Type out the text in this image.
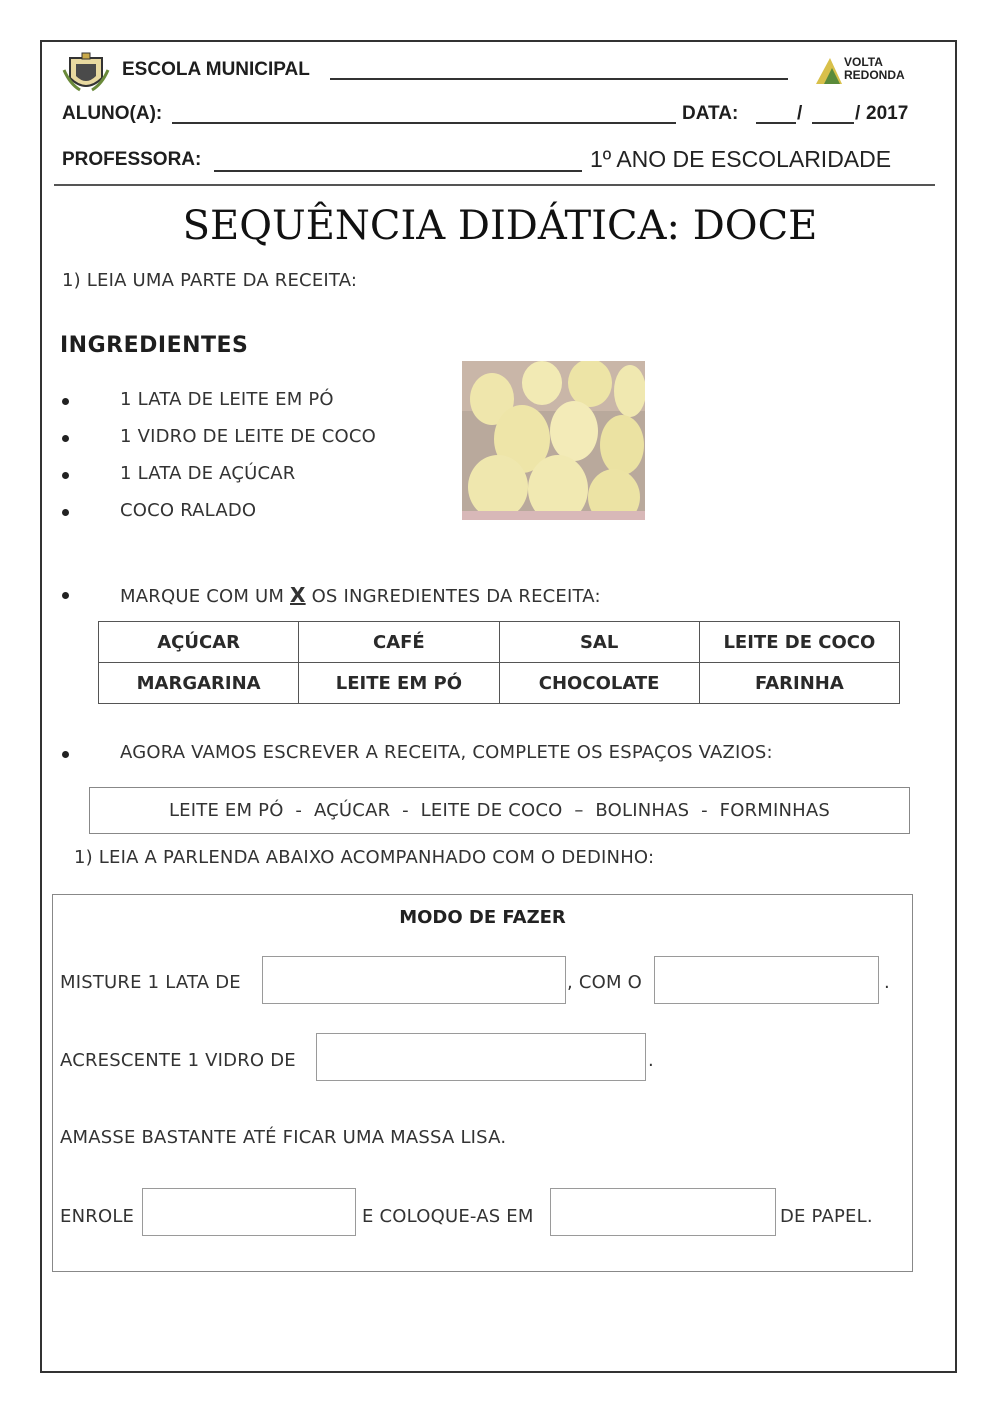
ESCOLA MUNICIPAL	VOLTA
REDONDA
ALUNO(A):	DATA:	/	/ 2017
PROFESSORA:	1º ANO DE ESCOLARIDADE
SEQUÊNCIA DIDÁTICA: DOCE
1) LEIA UMA PARTE DA RECEITA:
INGREDIENTES
1 LATA DE LEITE EM PÓ
1 VIDRO DE LEITE DE COCO
1 LATA DE AÇÚCAR
COCO RALADO
MARQUE COM UM X OS INGREDIENTES DA RECEITA:
AÇÚCAR	CAFÉ	SAL	LEITE DE COCO
MARGARINA	LEITE EM PÓ	CHOCOLATE	FARINHA
AGORA VAMOS ESCREVER A RECEITA, COMPLETE OS ESPAÇOS VAZIOS:
LEITE EM PÓ  -  AÇÚCAR  -  LEITE DE COCO  –  BOLINHAS  -  FORMINHAS
1) LEIA A PARLENDA ABAIXO ACOMPANHADO COM O DEDINHO:
MODO DE FAZER
MISTURE 1 LATA DE	, COM O	.
ACRESCENTE 1 VIDRO DE	.
AMASSE BASTANTE ATÉ FICAR UMA MASSA LISA.
ENROLE	E COLOQUE-AS EM	DE PAPEL.
